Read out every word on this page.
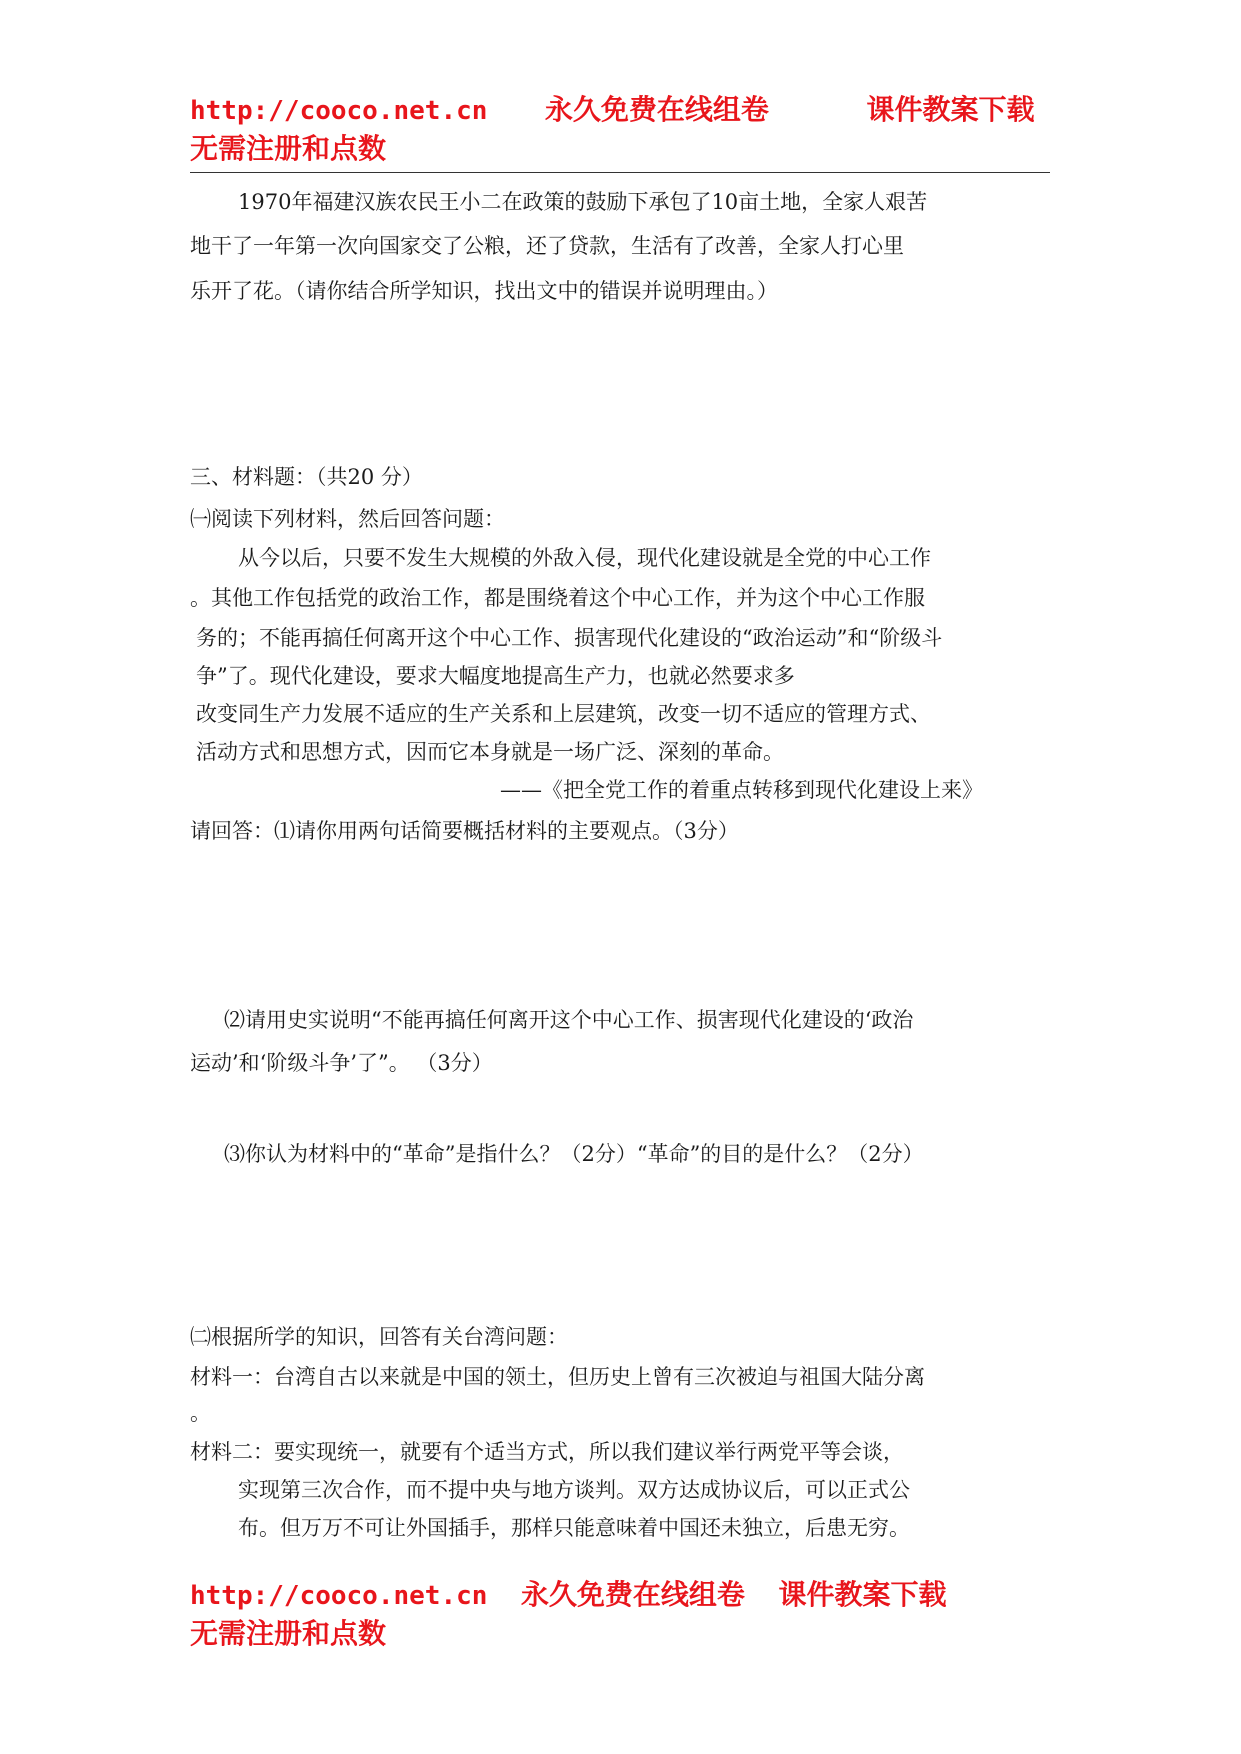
http://cooco.net.cn 永久免费在线组卷	课件教案下载
无需注册和点数
1970年福建汉族农民王小二在政策的鼓励下承包了10亩土地，全家人艰苦
地干了一年第一次向国家交了公粮，还了贷款，生活有了改善，全家人打心里
乐开了花。（请你结合所学知识，找出文中的错误并说明理由。）
三、材料题：（共20 分）
㈠阅读下列材料，然后回答问题：
从今以后，只要不发生大规模的外敌入侵，现代化建设就是全党的中心工作
。其他工作包括党的政治工作，都是围绕着这个中心工作，并为这个中心工作服
务的；不能再搞任何离开这个中心工作、损害现代化建设的“政治运动”和“阶级斗
争”了。现代化建设，要求大幅度地提高生产力，也就必然要求多
改变同生产力发展不适应的生产关系和上层建筑，改变一切不适应的管理方式、
活动方式和思想方式，因而它本身就是一场广泛、深刻的革命。
——《把全党工作的着重点转移到现代化建设上来》
请回答：⑴请你用两句话简要概括材料的主要观点。（3分）
⑵请用史实说明“不能再搞任何离开这个中心工作、损害现代化建设的‘政治
运动’和‘阶级斗争’了”。 （3分）
⑶你认为材料中的“革命”是指什么？（2分）“革命”的目的是什么？（2分）
㈡根据所学的知识，回答有关台湾问题：
材料一：台湾自古以来就是中国的领土，但历史上曾有三次被迫与祖国大陆分离
。
材料二：要实现统一，就要有个适当方式，所以我们建议举行两党平等会谈，
实现第三次合作，而不提中央与地方谈判。双方达成协议后，可以正式公
布。但万万不可让外国插手，那样只能意味着中国还未独立，后患无穷。
http://cooco.net.cn 永久免费在线组卷 课件教案下载
无需注册和点数
